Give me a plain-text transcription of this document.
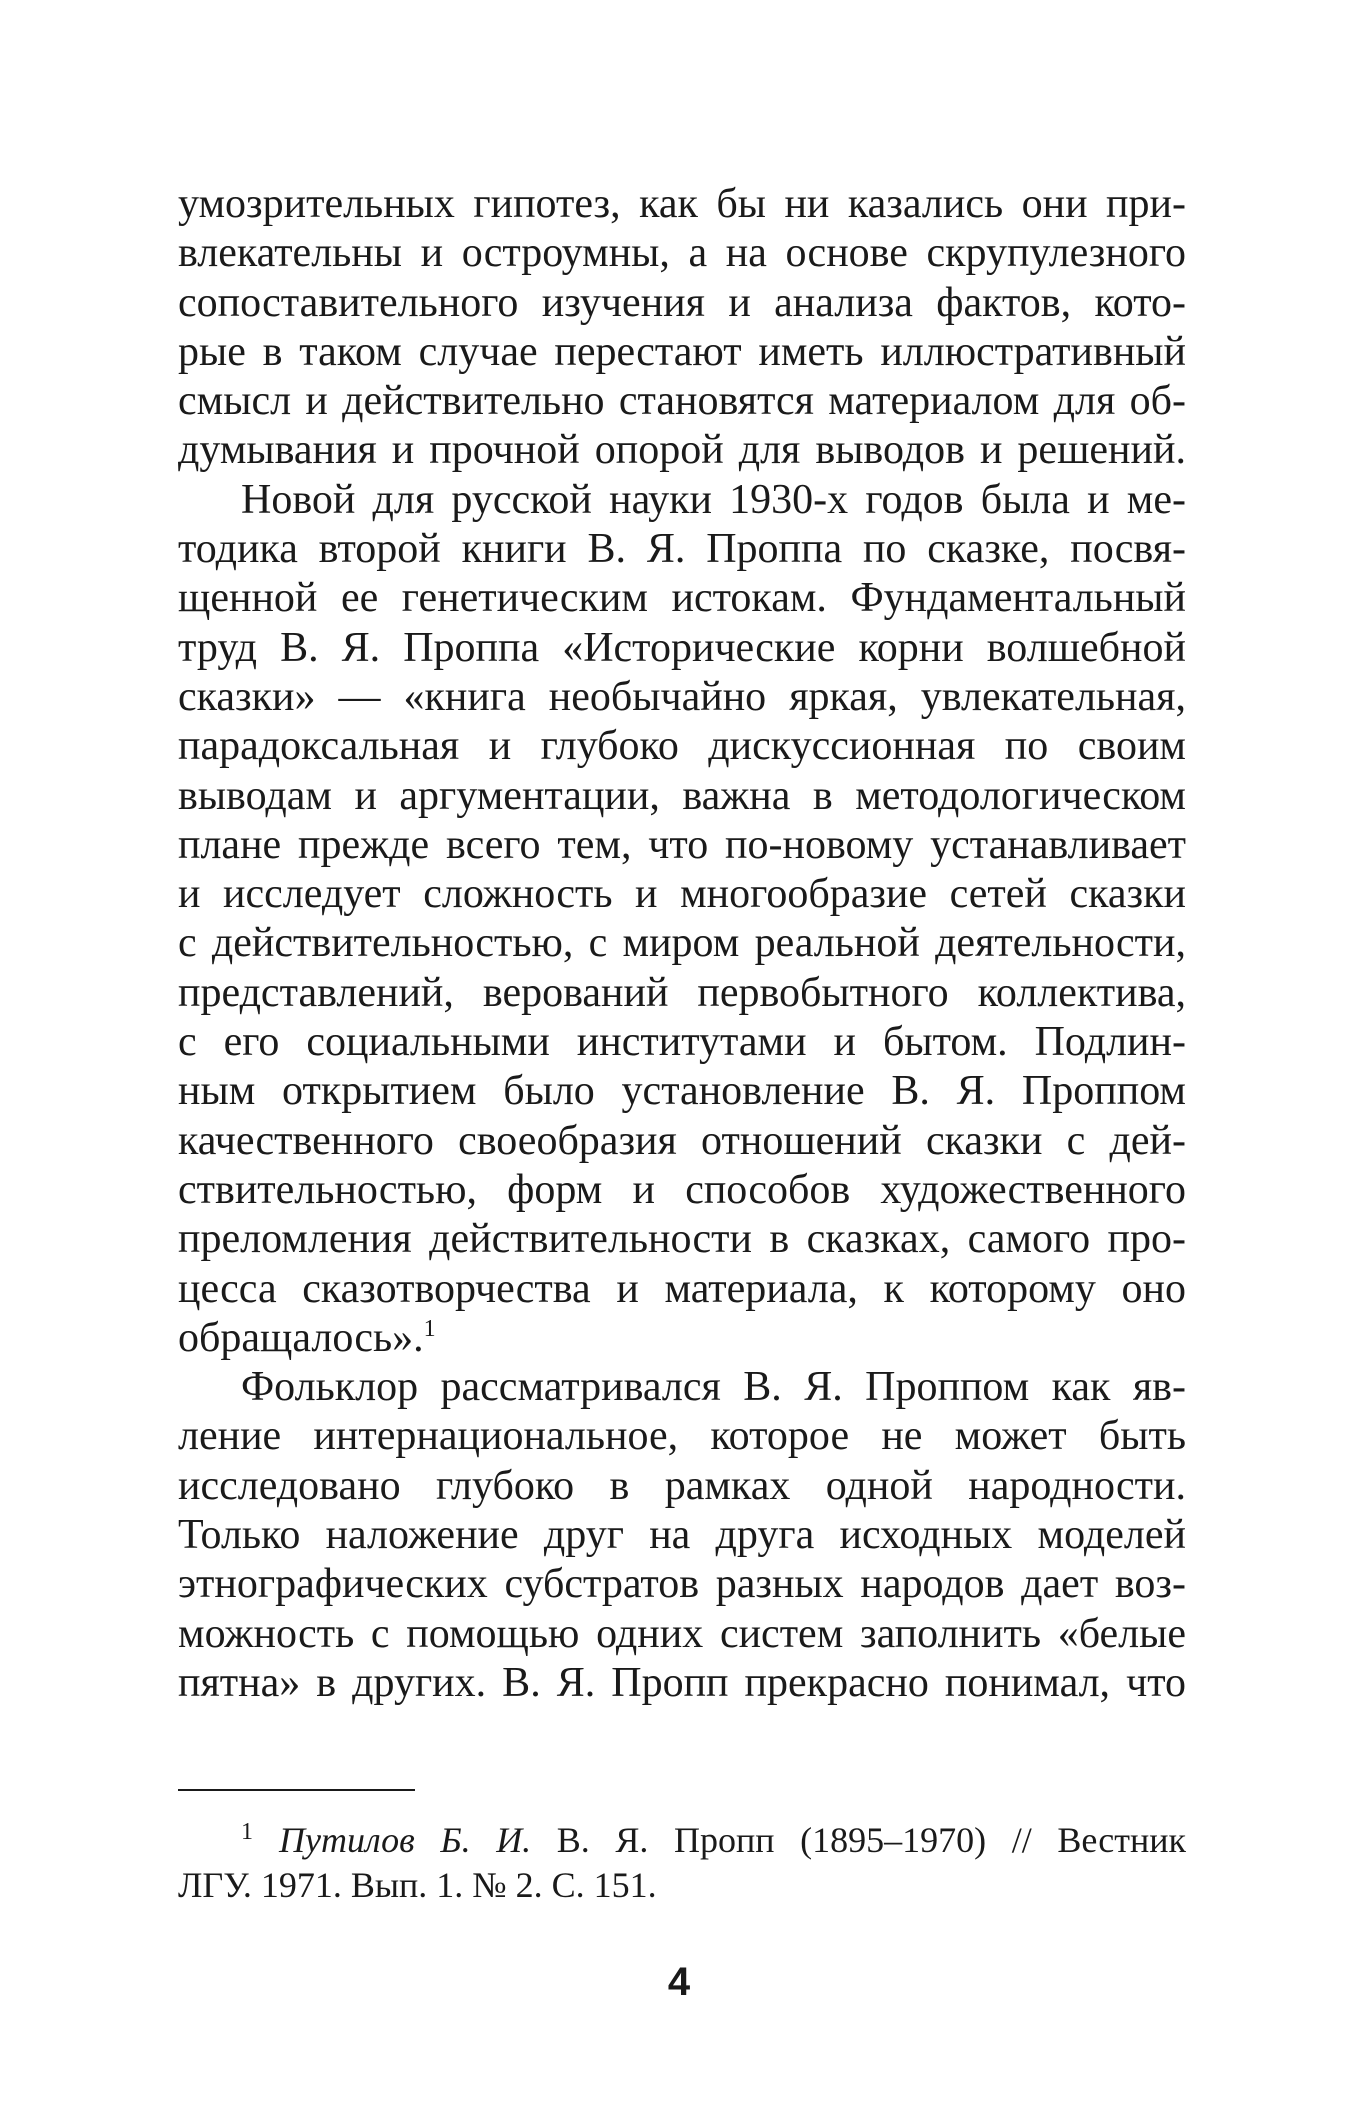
умозрительных гипотез, как бы ни казались они при-
влекательны и остроумны, а на основе скрупулезного
сопоставительного изучения и анализа фактов, кото-
рые в таком случае перестают иметь иллюстративный
смысл и действительно становятся материалом для об-
думывания и прочной опорой для выводов и решений.

Новой для русской науки 1930-х годов была и ме-
тодика второй книги В. Я. Проппа по сказке, посвя-
щенной ее генетическим истокам. Фундаментальный
труд В. Я. Проппа «Исторические корни волшебной
сказки» — «книга необычайно яркая, увлекательная,
парадоксальная и глубоко дискуссионная по своим
выводам и аргументации, важна в методологическом
плане прежде всего тем, что по-новому устанавливает
и исследует сложность и многообразие сетей сказки
с действительностью, с миром реальной деятельности,
представлений, верований первобытного коллектива,
с его социальными институтами и бытом. Подлин-
ным открытием было установление В. Я. Проппом
качественного своеобразия отношений сказки с дей-
ствительностью, форм и способов художественного
преломления действительности в сказках, самого про-
цесса сказотворчества и материала, к которому оно
обращалось».$^1$

Фольклор рассматривался В. Я. Проппом как яв-
ление интернациональное, которое не может быть
исследовано глубоко в рамках одной народности.
Только наложение друг на друга исходных моделей
этнографических субстратов разных народов дает воз-
можность с помощью одних систем заполнить «белые
пятна» в других. В. Я. Пропп прекрасно понимал, что

$^1$ Путилов Б. И. В. Я. Пропп (1895–1970) // Вестник
ЛГУ. 1971. Вып. 1. № 2. С. 151.
4
